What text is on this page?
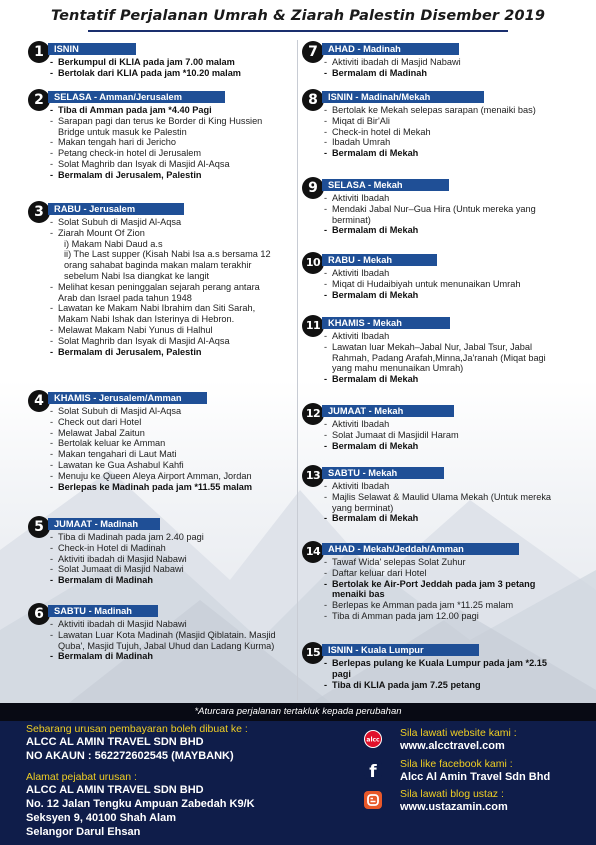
Tentatif Perjalanan Umrah & Ziarah Palestin Disember 2019
1	ISNIN
- Berkumpul di KLIA pada jam 7.00 malam
- Bertolak dari KLIA pada jam *10.20 malam
2	SELASA - Amman/Jerusalem
- Tiba di Amman pada jam *4.40 Pagi
- Sarapan pagi dan terus ke Border di King Hussien Bridge untuk masuk ke Palestin
- Makan tengah hari di Jericho
- Petang check-in hotel di Jerusalem
- Solat Maghrib dan Isyak di Masjid Al-Aqsa
- Bermalam di Jerusalem, Palestin
3	RABU - Jerusalem
- Solat Subuh di Masjid Al-Aqsa
- Ziarah Mount Of Zion
i) Makam Nabi Daud a.s
ii) The Last supper (Kisah Nabi Isa a.s bersama 12 orang sahabat baginda makan malam terakhir sebelum Nabi Isa diangkat ke langit
- Melihat kesan peninggalan sejarah perang antara Arab dan Israel pada tahun 1948
- Lawatan ke Makam Nabi Ibrahim dan Siti Sarah, Makam Nabi Ishak dan Isterinya di Hebron.
- Melawat Makam Nabi Yunus di Halhul
- Solat Maghrib dan Isyak di Masjid Al-Aqsa
- Bermalam di Jerusalem, Palestin
4	KHAMIS - Jerusalem/Amman
- Solat Subuh di Masjid Al-Aqsa
- Check out dari Hotel
- Melawat Jabal Zaitun
- Bertolak keluar ke Amman
- Makan tengahari di Laut Mati
- Lawatan ke Gua Ashabul Kahfi
- Menuju ke Queen Aleya Airport Amman, Jordan
- Berlepas ke Madinah pada jam *11.55 malam
5	JUMAAT - Madinah
- Tiba di Madinah pada jam 2.40 pagi
- Check-in Hotel di Madinah
- Aktiviti ibadah di Masjid Nabawi
- Solat Jumaat di Masjid Nabawi
- Bermalam di Madinah
6	SABTU - Madinah
- Aktiviti ibadah di Masjid Nabawi
- Lawatan Luar Kota Madinah (Masjid Qiblatain. Masjid Quba', Masjid Tujuh, Jabal Uhud dan Ladang Kurma)
- Bermalam di Madinah
7	AHAD - Madinah
- Aktiviti ibadah di Masjid Nabawi
- Bermalam di Madinah
8	ISNIN - Madinah/Mekah
- Bertolak ke Mekah selepas sarapan (menaiki bas)
- Miqat di Bir'Ali
- Check-in hotel di Mekah
- Ibadah Umrah
- Bermalam di Mekah
9	SELASA - Mekah
- Aktiviti Ibadah
- Mendaki Jabal Nur–Gua Hira (Untuk mereka yang berminat)
- Bermalam di Mekah
10 RABU - Mekah
- Aktiviti Ibadah
- Miqat di Hudaibiyah untuk menunaikan Umrah
- Bermalam di Mekah
11 KHAMIS - Mekah
- Aktiviti Ibadah
- Lawatan luar Mekah–Jabal Nur, Jabal Tsur, Jabal Rahmah, Padang Arafah,Minna,Ja'ranah (Miqat bagi yang mahu menunaikan Umrah)
- Bermalam di Mekah
12 JUMAAT - Mekah
- Aktiviti Ibadah
- Solat Jumaat di Masjidil Haram
- Bermalam di Mekah
13 SABTU - Mekah
- Aktiviti Ibadah
- Majlis Selawat & Maulid Ulama Mekah (Untuk mereka yang berminat)
- Bermalam di Mekah
14 AHAD - Mekah/Jeddah/Amman
- Tawaf Wida' selepas Solat Zuhur
- Daftar keluar dari Hotel
- Bertolak ke Air-Port Jeddah pada jam 3 petang menaiki bas
- Berlepas ke Amman pada jam *11.25 malam
- Tiba di Amman pada jam 12.00 pagi
15 ISNIN - Kuala Lumpur
- Berlepas pulang ke Kuala Lumpur pada jam *2.15 pagi
- Tiba di KLIA pada jam 7.25 petang
*Aturcara perjalanan tertakluk kepada perubahan
Sebarang urusan pembayaran boleh dibuat ke :
ALCC AL AMIN TRAVEL SDN BHD
NO AKAUN : 562272602545 (MAYBANK)
Alamat pejabat urusan :
ALCC AL AMIN TRAVEL SDN BHD
No. 12 Jalan Tengku Ampuan Zabedah K9/K
Seksyen 9, 40100 Shah Alam
Selangor Darul Ehsan
alcc
Sila lawati website kami :
www.alcctravel.com
f Sila like facebook kami :
Alcc Al Amin Travel Sdn Bhd
Sila lawati blog ustaz :
www.ustazamin.com
